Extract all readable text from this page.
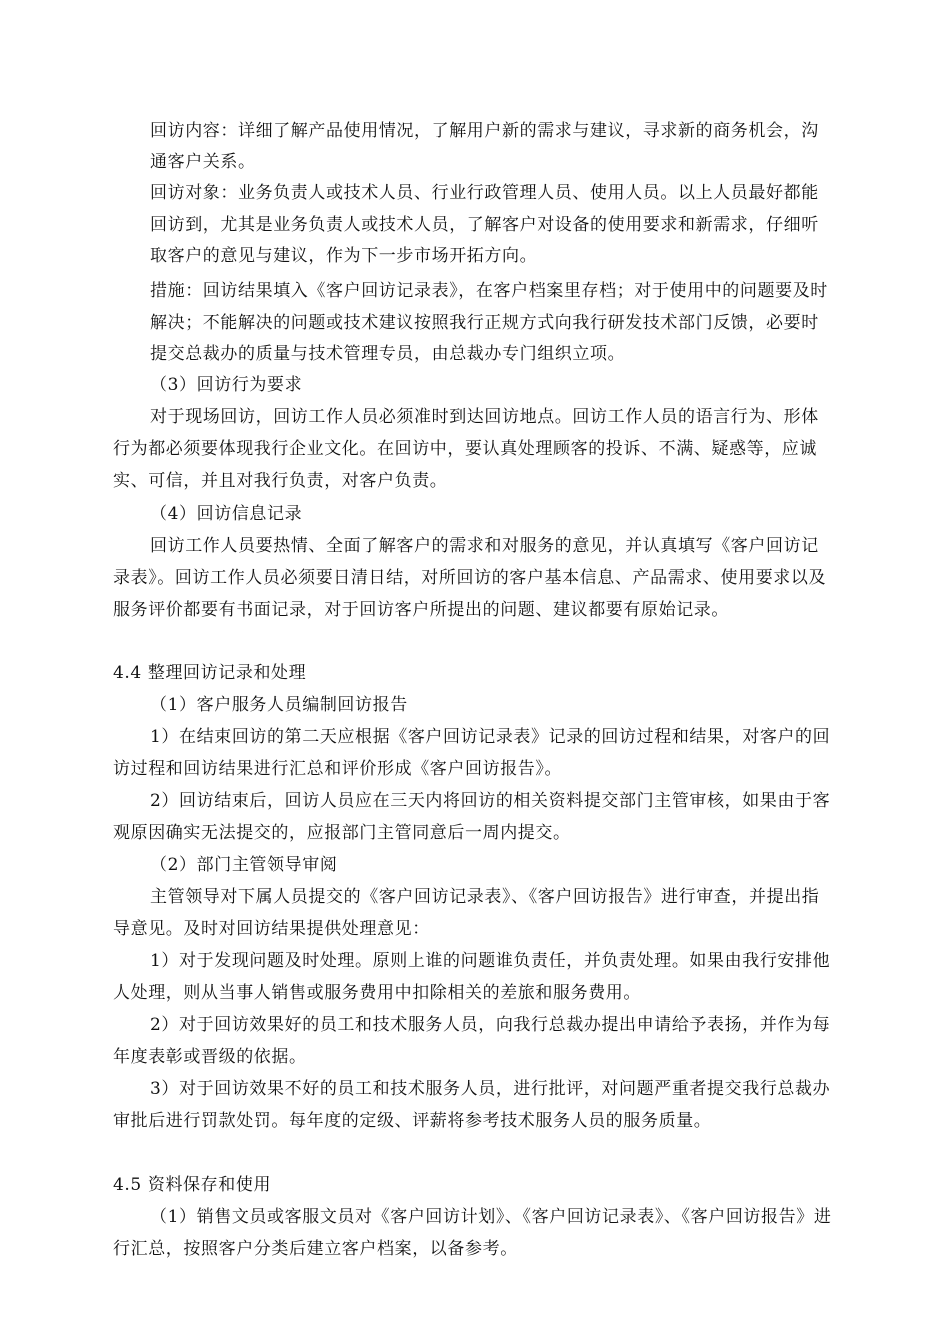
回访内容：详细了解产品使用情况，了解用户新的需求与建议，寻求新的商务机会，沟
通客户关系。
回访对象：业务负责人或技术人员、行业行政管理人员、使用人员。以上人员最好都能
回访到，尤其是业务负责人或技术人员，了解客户对设备的使用要求和新需求，仔细听
取客户的意见与建议，作为下一步市场开拓方向。
措施：回访结果填入《客户回访记录表》，在客户档案里存档；对于使用中的问题要及时
解决；不能解决的问题或技术建议按照我行正规方式向我行研发技术部门反馈，必要时
提交总裁办的质量与技术管理专员，由总裁办专门组织立项。
（3）回访行为要求
对于现场回访，回访工作人员必须准时到达回访地点。回访工作人员的语言行为、形体
行为都必须要体现我行企业文化。在回访中，要认真处理顾客的投诉、不满、疑惑等，应诚
实、可信，并且对我行负责，对客户负责。
（4）回访信息记录
回访工作人员要热情、全面了解客户的需求和对服务的意见，并认真填写《客户回访记
录表》。回访工作人员必须要日清日结，对所回访的客户基本信息、产品需求、使用要求以及
服务评价都要有书面记录，对于回访客户所提出的问题、建议都要有原始记录。
4.4 整理回访记录和处理
（1）客户服务人员编制回访报告
1）在结束回访的第二天应根据《客户回访记录表》记录的回访过程和结果，对客户的回
访过程和回访结果进行汇总和评价形成《客户回访报告》。
2）回访结束后，回访人员应在三天内将回访的相关资料提交部门主管审核，如果由于客
观原因确实无法提交的，应报部门主管同意后一周内提交。
（2）部门主管领导审阅
主管领导对下属人员提交的《客户回访记录表》、《客户回访报告》进行审查，并提出指
导意见。及时对回访结果提供处理意见：
1）对于发现问题及时处理。原则上谁的问题谁负责任，并负责处理。如果由我行安排他
人处理，则从当事人销售或服务费用中扣除相关的差旅和服务费用。
2）对于回访效果好的员工和技术服务人员，向我行总裁办提出申请给予表扬，并作为每
年度表彰或晋级的依据。
3）对于回访效果不好的员工和技术服务人员，进行批评，对问题严重者提交我行总裁办
审批后进行罚款处罚。每年度的定级、评薪将参考技术服务人员的服务质量。
4.5 资料保存和使用
（1）销售文员或客服文员对《客户回访计划》、《客户回访记录表》、《客户回访报告》进
行汇总，按照客户分类后建立客户档案，以备参考。
